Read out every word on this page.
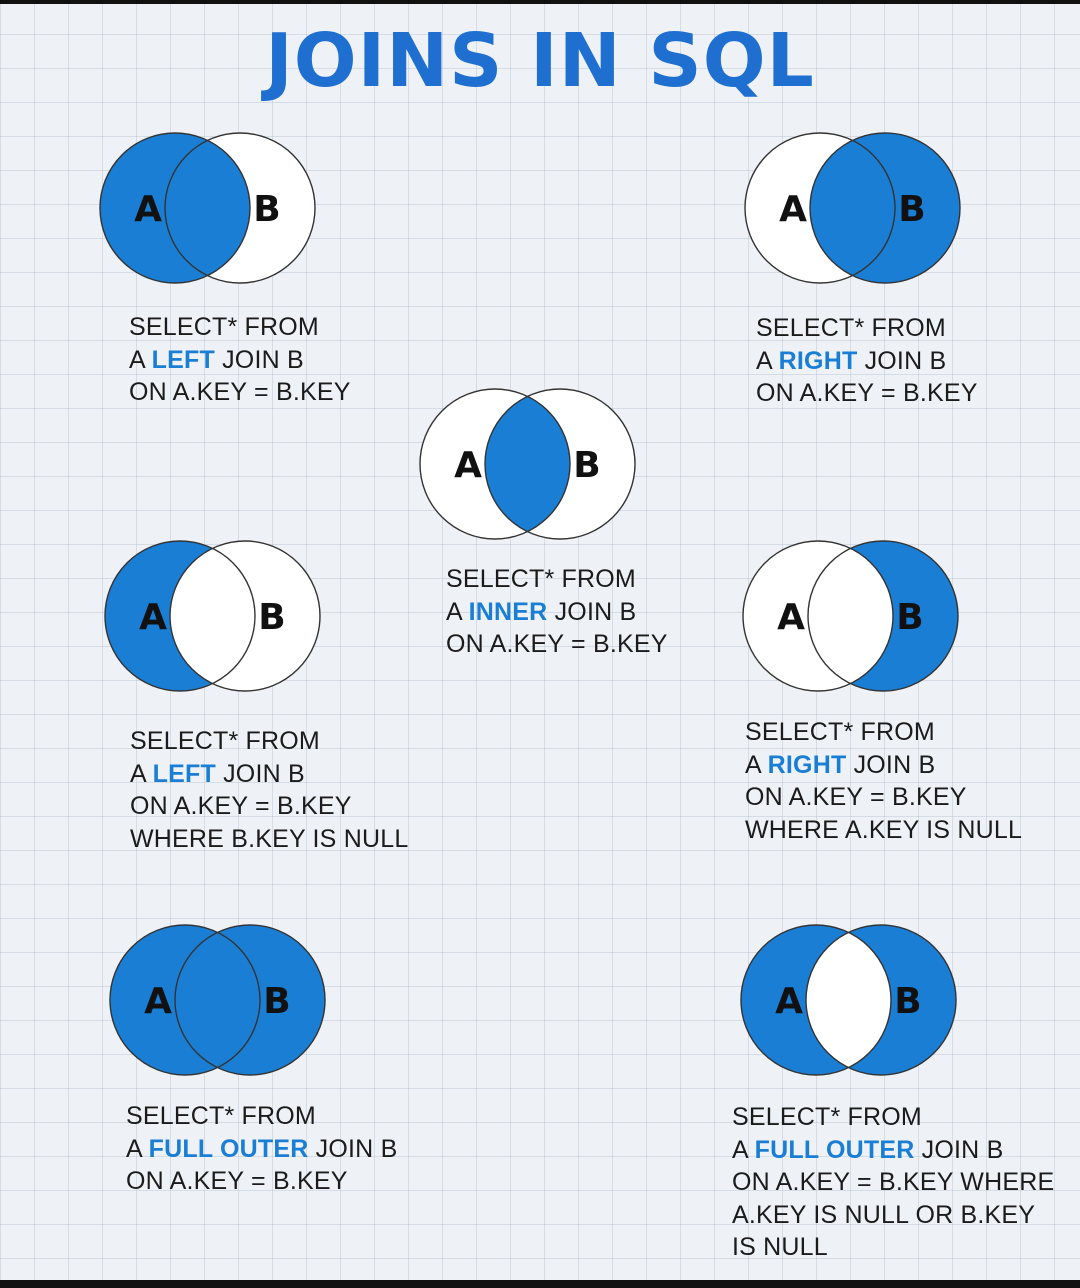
JOINS IN SQL
A	B
SELECT* FROM
A LEFT JOIN B
ON A.KEY = B.KEY
A	B
SELECT* FROM
A RIGHT JOIN B
ON A.KEY = B.KEY
A	B
SELECT* FROM
A INNER JOIN B
ON A.KEY = B.KEY
A	B
SELECT* FROM
A LEFT JOIN B
ON A.KEY = B.KEY
WHERE B.KEY IS NULL
A	B
SELECT* FROM
A RIGHT JOIN B
ON A.KEY = B.KEY
WHERE A.KEY IS NULL
A	B
SELECT* FROM
A FULL OUTER JOIN B
ON A.KEY = B.KEY
A	B
SELECT* FROM
A FULL OUTER JOIN B
ON A.KEY = B.KEY WHERE
A.KEY IS NULL OR B.KEY
IS NULL
